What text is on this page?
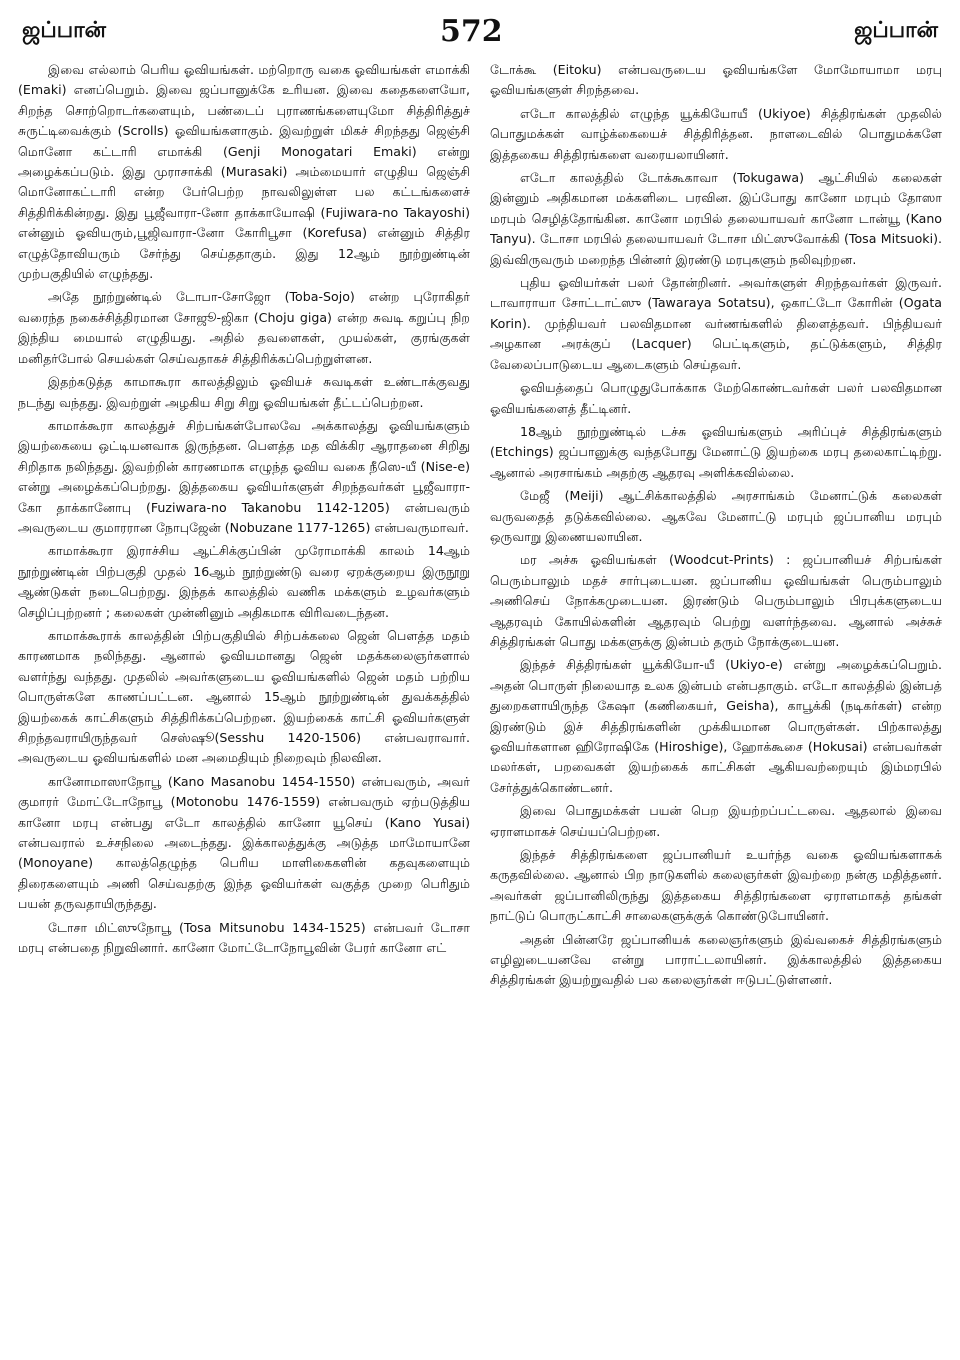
ஜப்பான்	572	ஜப்பான்

இவை எல்லாம் பெரிய ஓவியங்கள். மற்றொரு வகை ஓவியங்கள் எமாக்கி (Emaki) எனப்பெறும். இவை ஜப்பானுக்கே உரியன. இவை கதைகளையோ, சிறந்த சொற்றொடர்களையும், பண்டைப் புராணங்களையுமோ சித்திரித்துச் சுருட்டிவைக்கும் (Scrolls) ஓவியங்களாகும். இவற்றுள் மிகச் சிறந்தது ஜெஞ்சி மொனோ கட்டாரி எமாக்கி (Genji Monogatari Emaki) என்று அழைக்கப்படும். இது முராசாக்கி (Murasaki) அம்மையார் எழுதிய ஜெஞ்சி மொனோகட்டாரி என்ற பேர்பெற்ற நாவலிலுள்ள பல கட்டங்களைச் சித்திரிக்கின்றது. இது பூஜீவாரா-னோ தாக்காயோஷி (Fujiwara-no Takayoshi) என்னும் ஓவியரும்,பூஜிவாரா-னோ கோரிபூசா (Korefusa) என்னும் சித்திர எழுத்தோவியரும் சேர்ந்து செய்ததாகும். இது 12ஆம் நூற்றுண்டின் முற்பகுதியில் எழுந்தது.

அதே நூற்றுண்டில் டோபா-சோஜோ (Toba-Sojo) என்ற புரோகிதர் வரைந்த நகைச்சித்திரமான சோஜூ-ஜிகா (Choju giga) என்ற சுவடி கறுப்பு நிற இந்திய மையால் எழுதியது. அதில் தவளைகள், முயல்கள், குரங்குகள் மனிதர்போல் செயல்கள் செய்வதாகச் சித்திரிக்கப்பெற்றுள்ளன.

இதற்கடுத்த காமாகூரா காலத்திலும் ஓவியச் சுவடிகள் உண்டாக்குவது நடந்து வந்தது. இவற்றுள் அழகிய சிறு சிறு ஓவியங்கள் தீட்டப்பெற்றன.

காமாக்கூரா காலத்துச் சிற்பங்கள்போலவே அக்காலத்து ஓவியங்களும் இயற்கையை ஒட்டியனவாக இருந்தன. பௌத்த மத விக்கிர ஆராதனை சிறிது சிறிதாக நலிந்தது. இவற்றின் காரணமாக எழுந்த ஓவிய வகை நீஸெ-யீ (Nise-e) என்று அழைக்கப்பெற்றது. இத்தகைய ஓவியர்களுள் சிறந்தவர்கள் பூஜீவாரா-கோ தாக்கானோபு (Fuziwara-no Takanobu 1142-1205) என்பவரும் அவருடைய குமாரரான நோபுஜேன் (Nobuzane 1177-1265) என்பவருமாவர்.

காமாக்கூரா இராச்சிய ஆட்சிக்குப்பின் முரோமாக்கி காலம் 14ஆம் நூற்றுண்டின் பிற்பகுதி முதல் 16ஆம் நூற்றுண்டு வரை ஏறக்குறைய இருநூறு ஆண்டுகள் நடைபெற்றது. இந்தக் காலத்தில் வணிக மக்களும் உழவர்களும் செழிப்புற்றனர் ; கலைகள் முன்னினும் அதிகமாக விரிவடைந்தன.

காமாக்கூராக் காலத்தின் பிற்பகுதியில் சிற்பக்கலை ஜென் பௌத்த மதம் காரணமாக நலிந்தது. ஆனால் ஓவியமானது ஜென் மதக்கலைஞர்களால் வளர்ந்து வந்தது. முதலில் அவர்களுடைய ஓவியங்களில் ஜென் மதம் பற்றிய பொருள்களே காணப்பட்டன. ஆனால் 15ஆம் நூற்றுண்டின் துவக்கத்தில் இயற்கைக் காட்சிகளும் சித்திரிக்கப்பெற்றன. இயற்கைக் காட்சி ஓவியர்களுள் சிறந்தவராயிருந்தவர் செஸ்ஷூ(Sesshu 1420-1506) என்பவராவார். அவருடைய ஓவியங்களில் மன அமைதியும் நிறைவும் நிலவின.

கானோமாஸாநோபூ (Kano Masanobu 1454-1550) என்பவரும், அவர் குமாரர் மோட்டோநோபூ (Motonobu 1476-1559) என்பவரும் ஏற்படுத்திய கானோ மரபு என்பது எடோ காலத்தில் கானோ யூசெய் (Kano Yusai) என்பவரால் உச்சநிலை அடைந்தது. இக்காலத்துக்கு அடுத்த மாமோயானே (Monoyane) காலத்தெழுந்த பெரிய மாளிகைகளின் கதவுகளையும் திரைகளையும் அணி செய்வதற்கு இந்த ஓவியர்கள் வகுத்த முறை பெரிதும் பயன் தருவதாயிருந்தது.

டோசா மிட்ஸுநோபூ (Tosa Mitsunobu 1434-1525) என்பவர் டோசா மரபு என்பதை நிறுவினார். கானோ மோட்டோநோபூவின் பேரர் கானோ எட்

டோக்கூ (Eitoku) என்பவருடைய ஓவியங்களே மோமோயாமா மரபு ஓவியங்களுள் சிறந்தவை.

எடோ காலத்தில் எழுந்த யூக்கியோயீ (Ukiyoe) சித்திரங்கள் முதலில் பொதுமக்கள் வாழ்க்கையைச் சித்திரித்தன. நாளடைவில் பொதுமக்களே இத்தகைய சித்திரங்களை வரையலாயினர்.

எடோ காலத்தில் டோக்கூகாவா (Tokugawa) ஆட்சியில் கலைகள் இன்னும் அதிகமான மக்களிடை பரவின. இப்போது கானோ மரபும் தோஸா மரபும் செழித்தோங்கின. கானோ மரபில் தலையாயவர் கானோ டான்யூ (Kano Tanyu). டோசா மரபில் தலையாயவர் டோசா மிட்ஸுவோக்கி (Tosa Mitsuoki). இவ்விருவரும் மறைந்த பின்னர் இரண்டு மரபுகளும் நலிவுற்றன.

புதிய ஓவியர்கள் பலர் தோன்றினர். அவர்களுள் சிறந்தவர்கள் இருவர். டாவாராயா சோட்டாட்ஸு (Tawaraya Sotatsu), ஒகாட்டோ கோரின் (Ogata Korin). முந்தியவர் பலவிதமான வர்ணங்களில் திளைத்தவர். பிந்தியவர் அழகான அரக்குப் (Lacquer) பெட்டிகளும், தட்டுக்களும், சித்திர வேலைப்பாடுடைய ஆடைகளும் செய்தவர்.

ஓவியத்தைப் பொழுதுபோக்காக மேற்கொண்டவர்கள் பலர் பலவிதமான ஓவியங்களைத் தீட்டினர்.

18ஆம் நூற்றுண்டில் டச்சு ஓவியங்களும் அரிப்புச் சித்திரங்களும் (Etchings) ஜப்பானுக்கு வந்தபோது மேனாட்டு இயற்கை மரபு தலைகாட்டிற்று. ஆனால் அரசாங்கம் அதற்கு ஆதரவு அளிக்கவில்லை.

மேஜீ (Meiji) ஆட்சிக்காலத்தில் அரசாங்கம் மேனாட்டுக் கலைகள் வருவதைத் தடுக்கவில்லை. ஆகவே மேனாட்டு மரபும் ஜப்பானிய மரபும் ஒருவாறு இணையலாயின.

மர அச்சு ஓவியங்கள் (Woodcut-Prints) : ஜப்பானியச் சிற்பங்கள் பெரும்பாலும் மதச் சார்புடையன. ஜப்பானிய ஓவியங்கள் பெரும்பாலும் அணிசெய் நோக்கமுடையன. இரண்டும் பெரும்பாலும் பிரபுக்களுடைய ஆதரவும் கோயில்களின் ஆதரவும் பெற்று வளர்ந்தவை. ஆனால் அச்சுச் சித்திரங்கள் பொது மக்களுக்கு இன்பம் தரும் நோக்குடையன.

இந்தச் சித்திரங்கள் யூக்கியோ-யீ (Ukiyo-e) என்று அழைக்கப்பெறும். அதன் பொருள் நிலையாத உலக இன்பம் என்பதாகும். எடோ காலத்தில் இன்பத் துறைகளாயிருந்த கேஷா (கணிகையர், Geisha), காபூக்கி (நடிகர்கள்) என்ற இரண்டும் இச் சித்திரங்களின் முக்கியமான பொருள்கள். பிற்காலத்து ஓவியர்களான ஹிரோஷிகே (Hiroshige), ஹோக்கூசை (Hokusai) என்பவர்கள் மலர்கள், பறவைகள் இயற்கைக் காட்சிகள் ஆகியவற்றையும் இம்மரபில் சேர்த்துக்கொண்டனர்.

இவை பொதுமக்கள் பயன் பெற இயற்றப்பட்டவை. ஆதலால் இவை ஏராளமாகச் செய்யப்பெற்றன.

இந்தச் சித்திரங்களை ஜப்பானியர் உயர்ந்த வகை ஓவியங்களாகக் கருதவில்லை. ஆனால் பிற நாடுகளில் கலைஞர்கள் இவற்றை நன்கு மதித்தனர். அவர்கள் ஜப்பானிலிருந்து இத்தகைய சித்திரங்களை ஏராளமாகத் தங்கள் நாட்டுப் பொருட்காட்சி சாலைகளுக்குக் கொண்டுபோயினர்.

அதன் பின்னரே ஜப்பானியக் கலைஞர்களும் இவ்வகைச் சித்திரங்களும் எழிலுடையனவே என்று பாராட்டலாயினர். இக்காலத்தில் இத்தகைய சித்திரங்கள் இயற்றுவதில் பல கலைஞர்கள் ஈடுபட்டுள்ளனர்.
